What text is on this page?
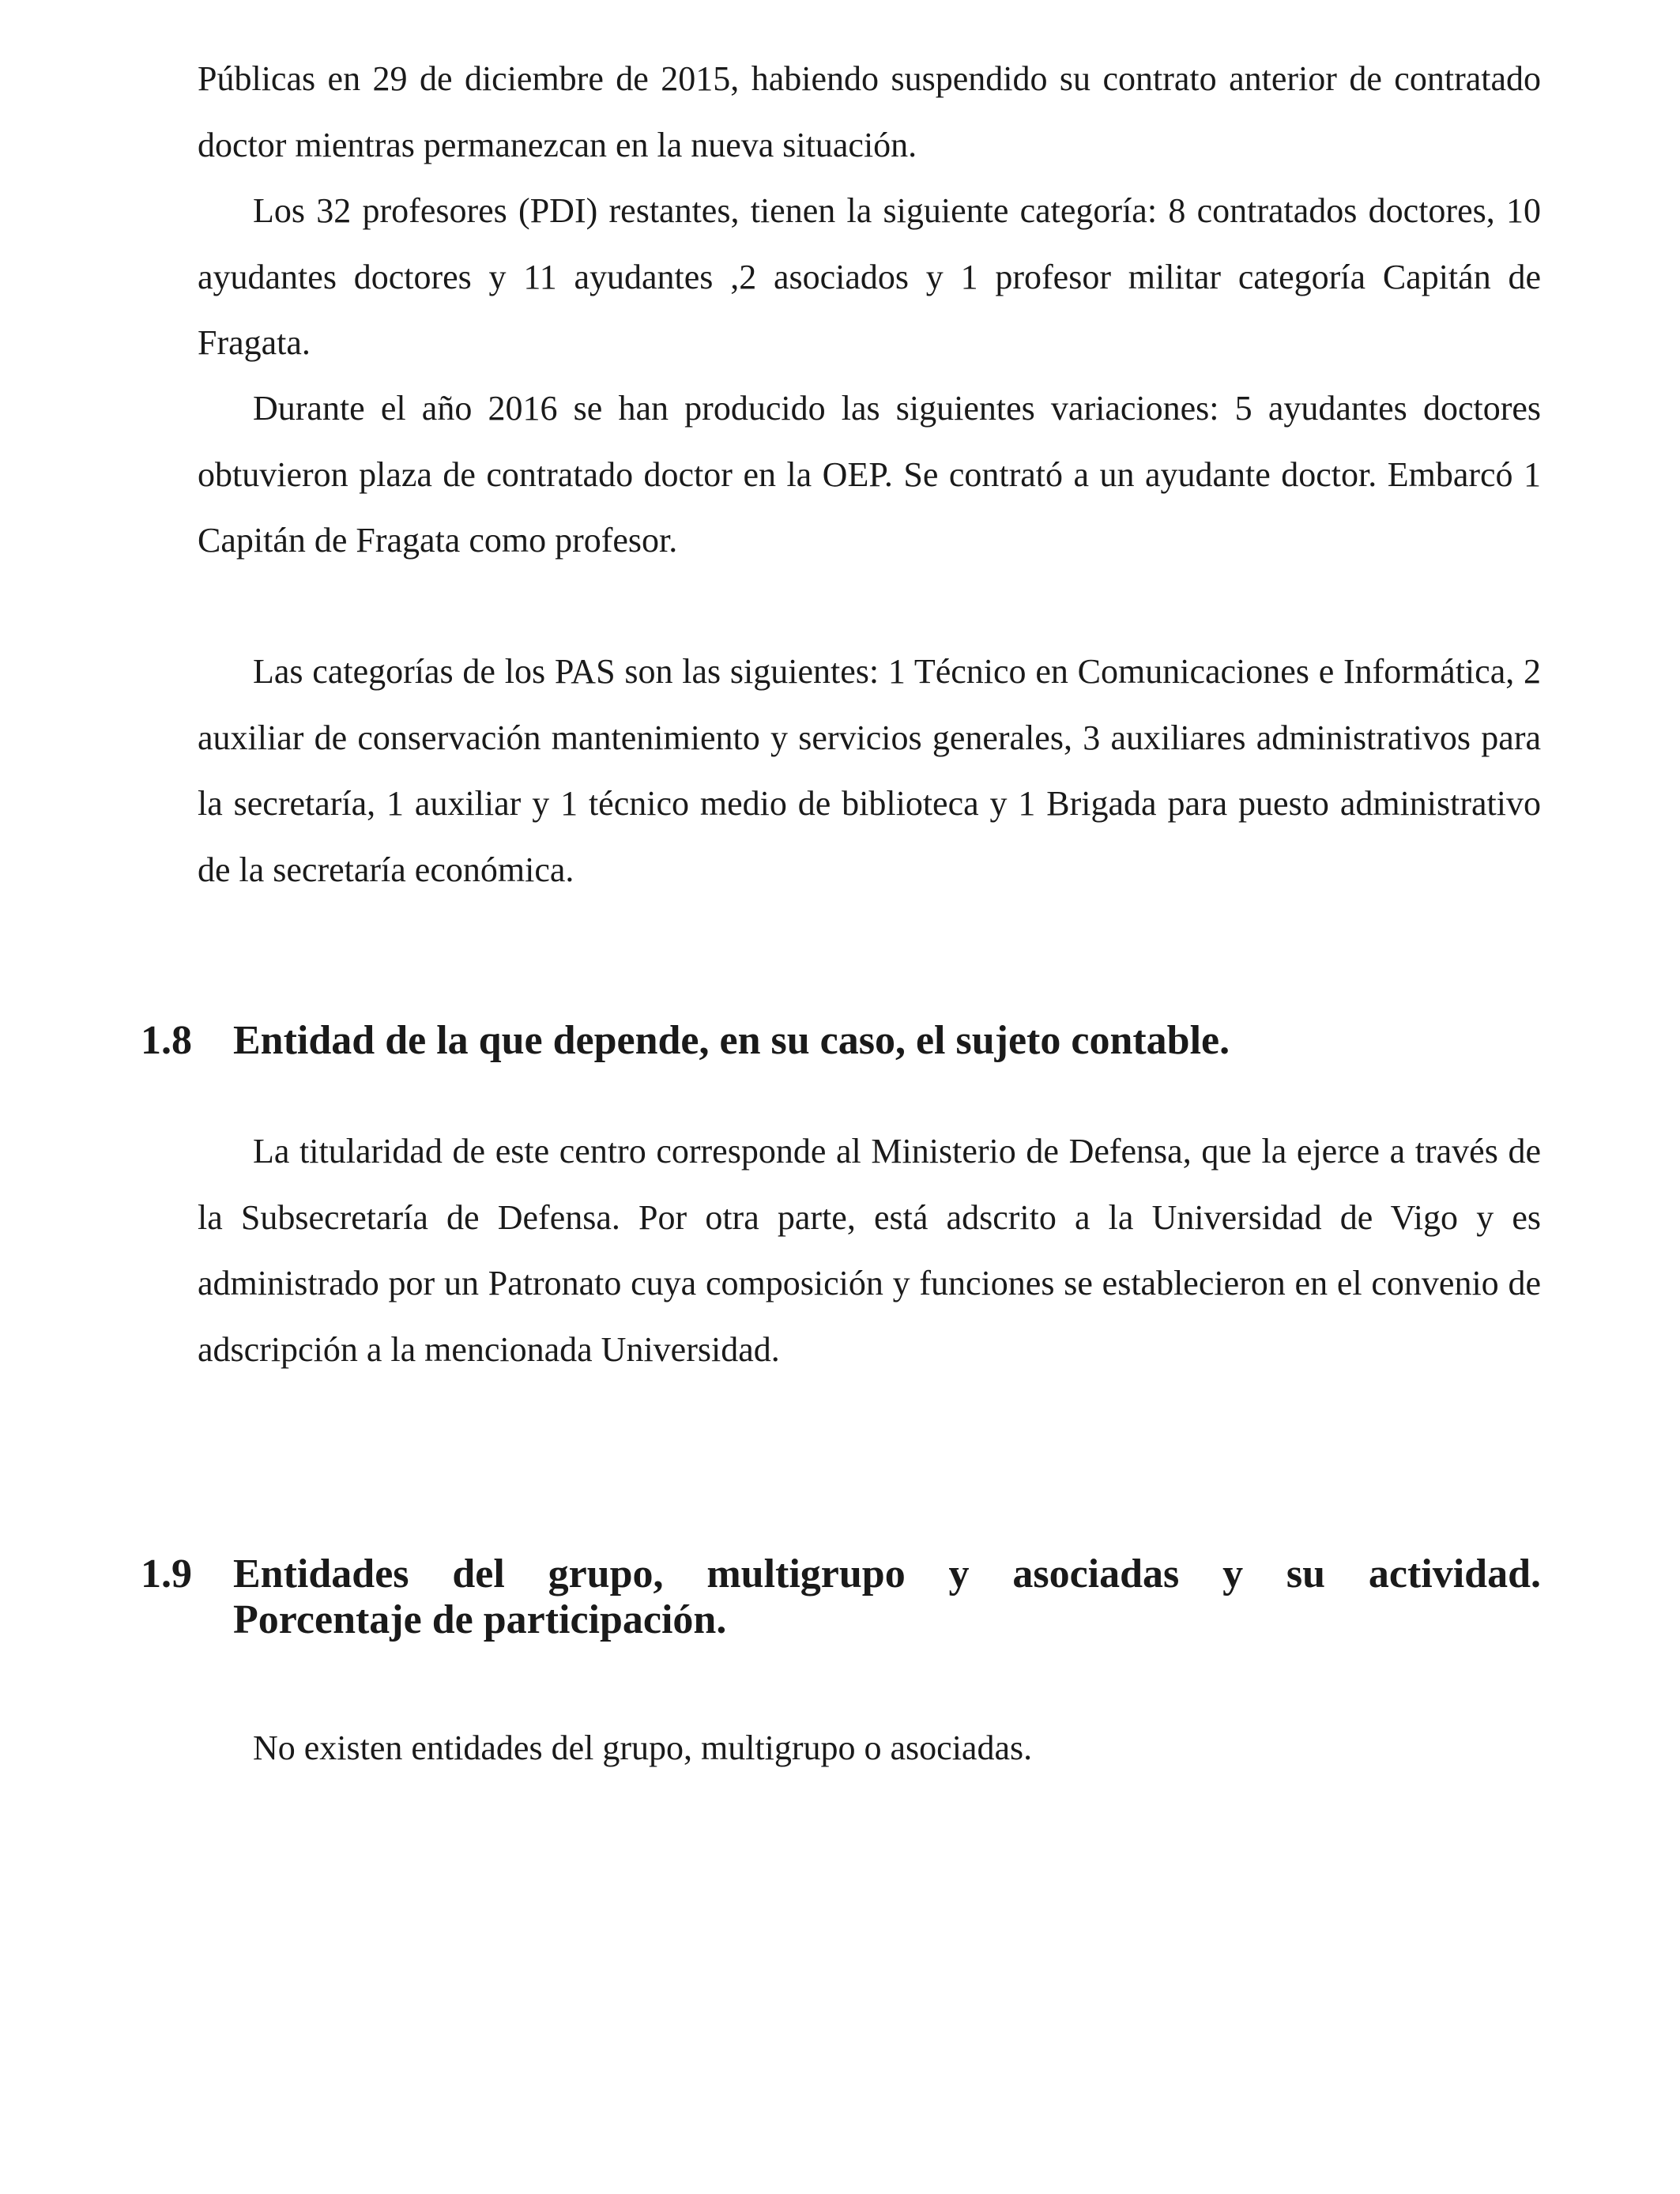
Públicas en 29 de diciembre de 2015, habiendo suspendido su contrato anterior de contratado doctor mientras permanezcan en la nueva situación.

Los 32 profesores (PDI) restantes, tienen la siguiente categoría: 8 contratados doctores, 10 ayudantes doctores y 11 ayudantes ,2 asociados y 1 profesor militar categoría Capitán de Fragata.

Durante el año 2016 se han producido las siguientes variaciones: 5 ayudantes doctores obtuvieron plaza de contratado doctor en la OEP. Se contrató a un ayudante doctor. Embarcó 1 Capitán de Fragata como profesor.

Las categorías de los PAS son las siguientes: 1 Técnico en Comunicaciones e Informática, 2 auxiliar de conservación mantenimiento y servicios generales, 3 auxiliares administrativos para la secretaría, 1 auxiliar y 1 técnico medio de biblioteca y 1 Brigada para puesto administrativo de la secretaría económica.

1.8	Entidad de la que depende, en su caso, el sujeto contable.

La titularidad de este centro corresponde al Ministerio de Defensa, que la ejerce a través de la Subsecretaría de Defensa. Por otra parte, está adscrito a la Universidad de Vigo y es administrado por un Patronato cuya composición y funciones se establecieron en el convenio de adscripción a la mencionada Universidad.

1.9	Entidades del grupo, multigrupo y asociadas y su actividad.
Porcentaje de participación.

No existen entidades del grupo, multigrupo o asociadas.
